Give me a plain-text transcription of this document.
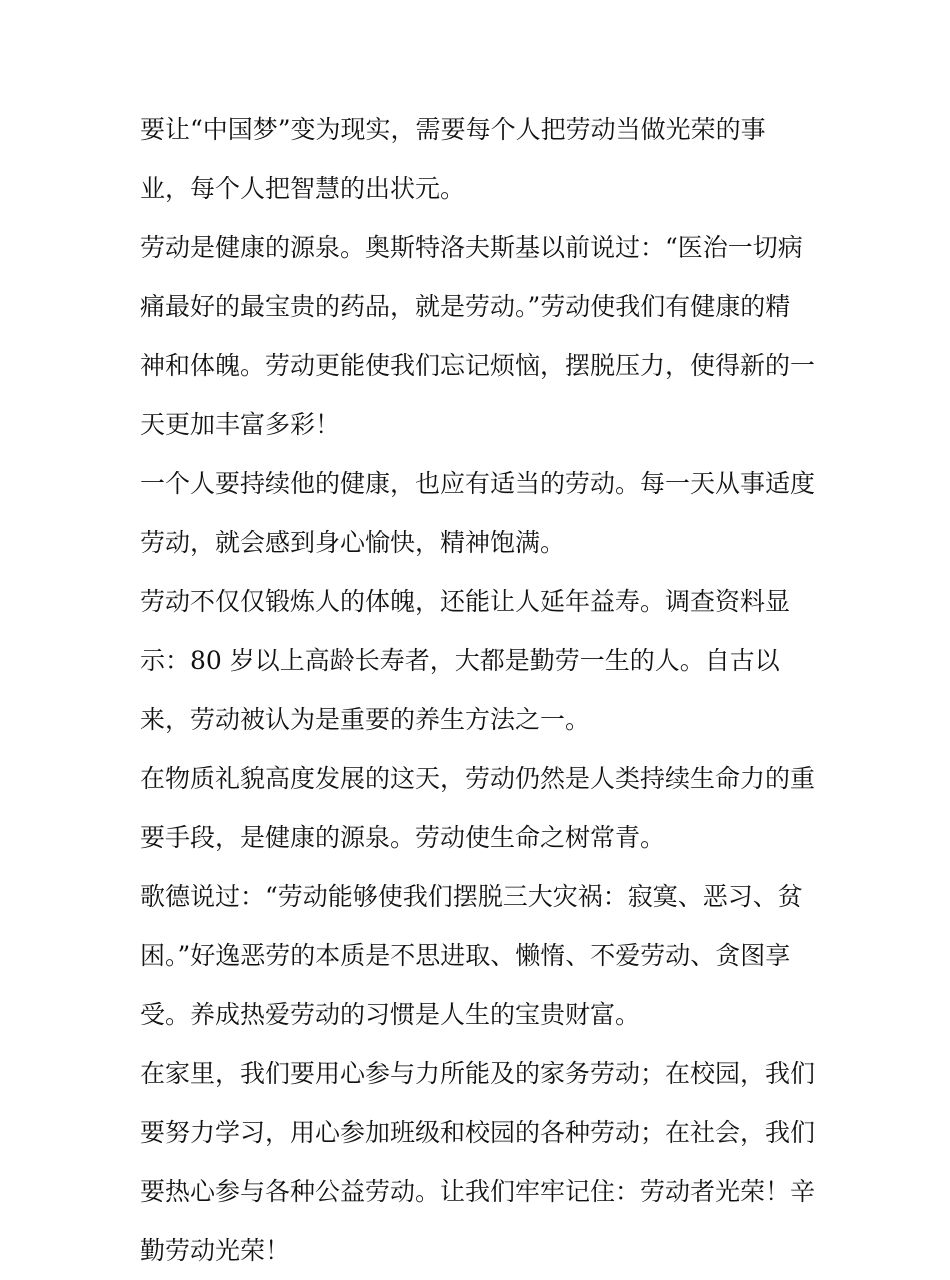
要让“中国梦”变为现实，需要每个人把劳动当做光荣的事业，每个人把智慧的出状元。

劳动是健康的源泉。奥斯特洛夫斯基以前说过：“医治一切病痛最好的最宝贵的药品，就是劳动。”劳动使我们有健康的精神和体魄。劳动更能使我们忘记烦恼，摆脱压力，使得新的一天更加丰富多彩！

一个人要持续他的健康，也应有适当的劳动。每一天从事适度劳动，就会感到身心愉快，精神饱满。

劳动不仅仅锻炼人的体魄，还能让人延年益寿。调查资料显示：80 岁以上高龄长寿者，大都是勤劳一生的人。自古以来，劳动被认为是重要的养生方法之一。

在物质礼貌高度发展的这天，劳动仍然是人类持续生命力的重要手段，是健康的源泉。劳动使生命之树常青。

歌德说过：“劳动能够使我们摆脱三大灾祸：寂寞、恶习、贫困。”好逸恶劳的本质是不思进取、懒惰、不爱劳动、贪图享受。养成热爱劳动的习惯是人生的宝贵财富。

在家里，我们要用心参与力所能及的家务劳动；在校园，我们要努力学习，用心参加班级和校园的各种劳动；在社会，我们要热心参与各种公益劳动。让我们牢牢记住：劳动者光荣！辛勤劳动光荣！
